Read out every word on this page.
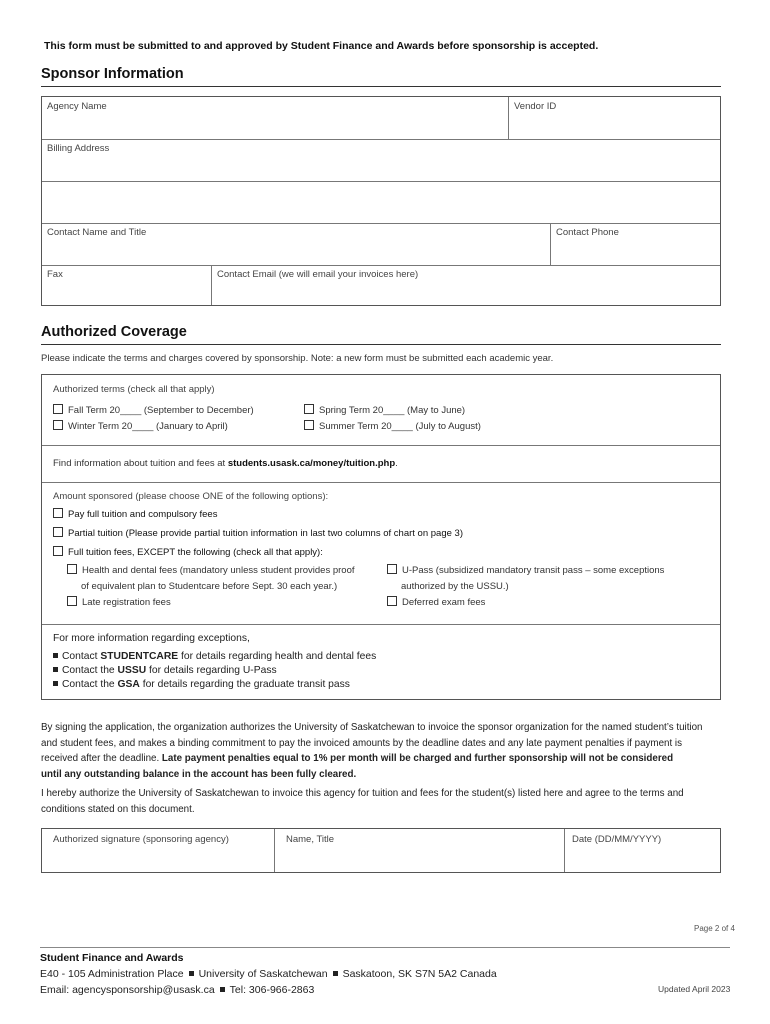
This form must be submitted to and approved by Student Finance and Awards before sponsorship is accepted.
Sponsor Information
Agency Name	Vendor ID
Billing Address
Contact Name and Title	Contact Phone
Fax	Contact Email (we will email your invoices here)
Authorized Coverage
Please indicate the terms and charges covered by sponsorship. Note: a new form must be submitted each academic year.
Authorized terms (check all that apply)
Fall Term 20____ (September to December)
Winter Term 20____ (January to April)
Spring Term 20____ (May to June)
Summer Term 20____ (July to August)
Find information about tuition and fees at students.usask.ca/money/tuition.php.
Amount sponsored (please choose ONE of the following options):
Pay full tuition and compulsory fees
Partial tuition (Please provide partial tuition information in last two columns of chart on page 3)
Full tuition fees, EXCEPT the following (check all that apply):
Health and dental fees (mandatory unless student provides proof
of equivalent plan to Studentcare before Sept. 30 each year.)
Late registration fees
U-Pass (subsidized mandatory transit pass – some exceptions
authorized by the USSU.)
Deferred exam fees
For more information regarding exceptions,
Contact STUDENTCARE for details regarding health and dental fees
Contact the USSU for details regarding U-Pass
Contact the GSA for details regarding the graduate transit pass
By signing the application, the organization authorizes the University of Saskatchewan to invoice the sponsor organization for the named student’s tuition
and student fees, and makes a binding commitment to pay the invoiced amounts by the deadline dates and any late payment penalties if payment is
received after the deadline. Late payment penalties equal to 1% per month will be charged and further sponsorship will not be considered
until any outstanding balance in the account has been fully cleared.
I hereby authorize the University of Saskatchewan to invoice this agency for tuition and fees for the student(s) listed here and agree to the terms and
conditions stated on this document.
Authorized signature (sponsoring agency)	Name, Title	Date (DD/MM/YYYY)
Page 2 of 4
Student Finance and Awards
E40 - 105 Administration Place University of Saskatchewan Saskatoon, SK S7N 5A2 Canada
Email: agencysponsorship@usask.ca Tel: 306-966-2863	Updated April 2023
